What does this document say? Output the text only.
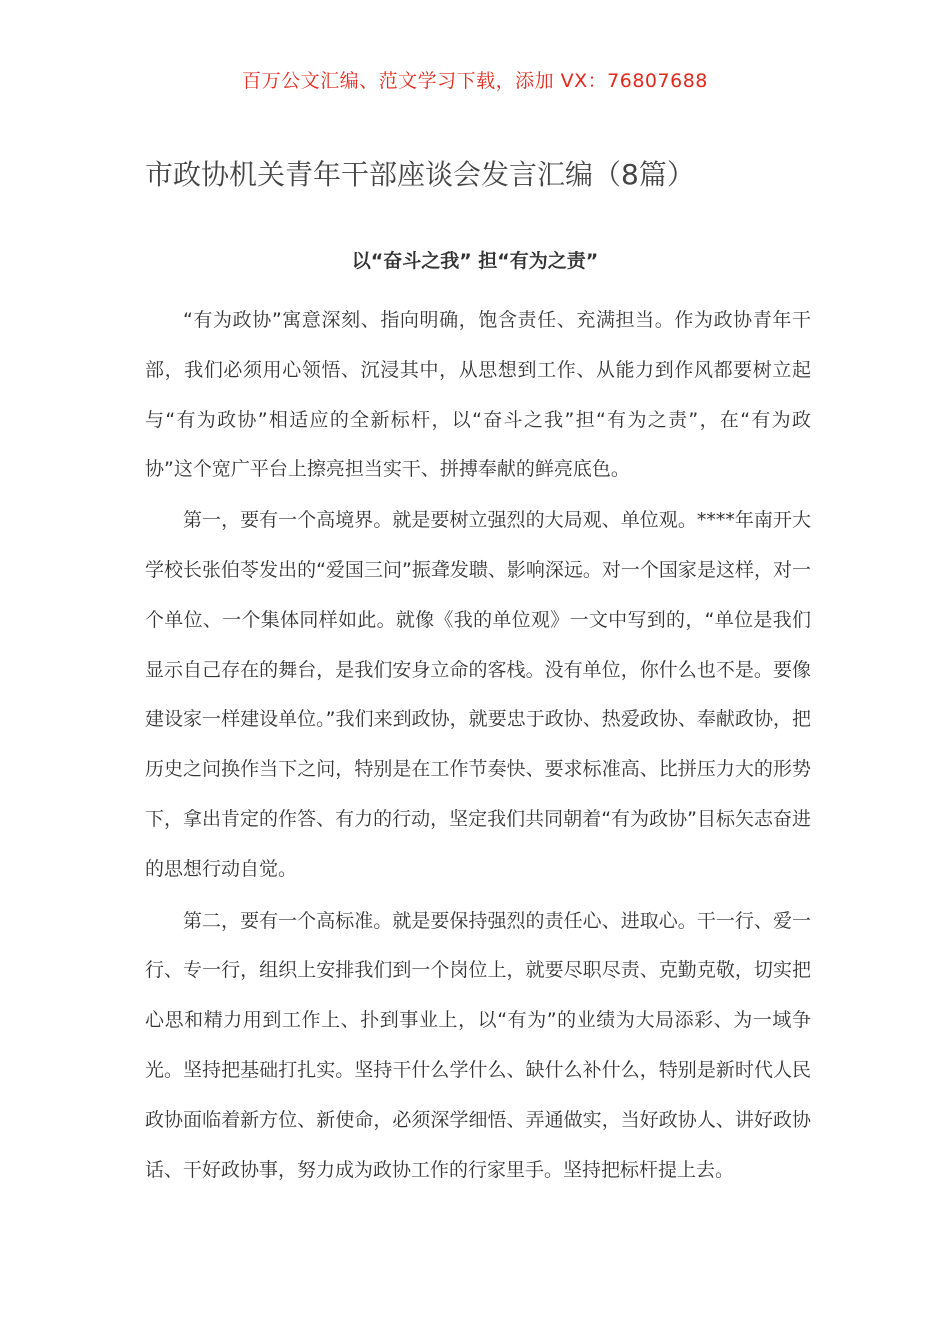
百万公文汇编、范文学习下载，添加 VX：76807688
市政协机关青年干部座谈会发言汇编（8篇）
以“奋斗之我” 担“有为之责”

“有为政协”寓意深刻、指向明确，饱含责任、充满担当。作为政协青年干部，我们必须用心领悟、沉浸其中，从思想到工作、从能力到作风都要树立起与“有为政协”相适应的全新标杆，以“奋斗之我”担“有为之责”，在“有为政协”这个宽广平台上擦亮担当实干、拼搏奉献的鲜亮底色。

第一，要有一个高境界。就是要树立强烈的大局观、单位观。****年南开大学校长张伯苓发出的“爱国三问”振聋发聩、影响深远。对一个国家是这样，对一个单位、一个集体同样如此。就像《我的单位观》一文中写到的，“单位是我们显示自己存在的舞台，是我们安身立命的客栈。没有单位，你什么也不是。要像建设家一样建设单位。”我们来到政协，就要忠于政协、热爱政协、奉献政协，把历史之问换作当下之问，特别是在工作节奏快、要求标准高、比拼压力大的形势下，拿出肯定的作答、有力的行动，坚定我们共同朝着“有为政协”目标矢志奋进的思想行动自觉。

第二，要有一个高标准。就是要保持强烈的责任心、进取心。干一行、爱一行、专一行，组织上安排我们到一个岗位上，就要尽职尽责、克勤克敬，切实把心思和精力用到工作上、扑到事业上，以“有为”的业绩为大局添彩、为一域争光。坚持把基础打扎实。坚持干什么学什么、缺什么补什么，特别是新时代人民政协面临着新方位、新使命，必须深学细悟、弄通做实，当好政协人、讲好政协话、干好政协事，努力成为政协工作的行家里手。坚持把标杆提上去。
